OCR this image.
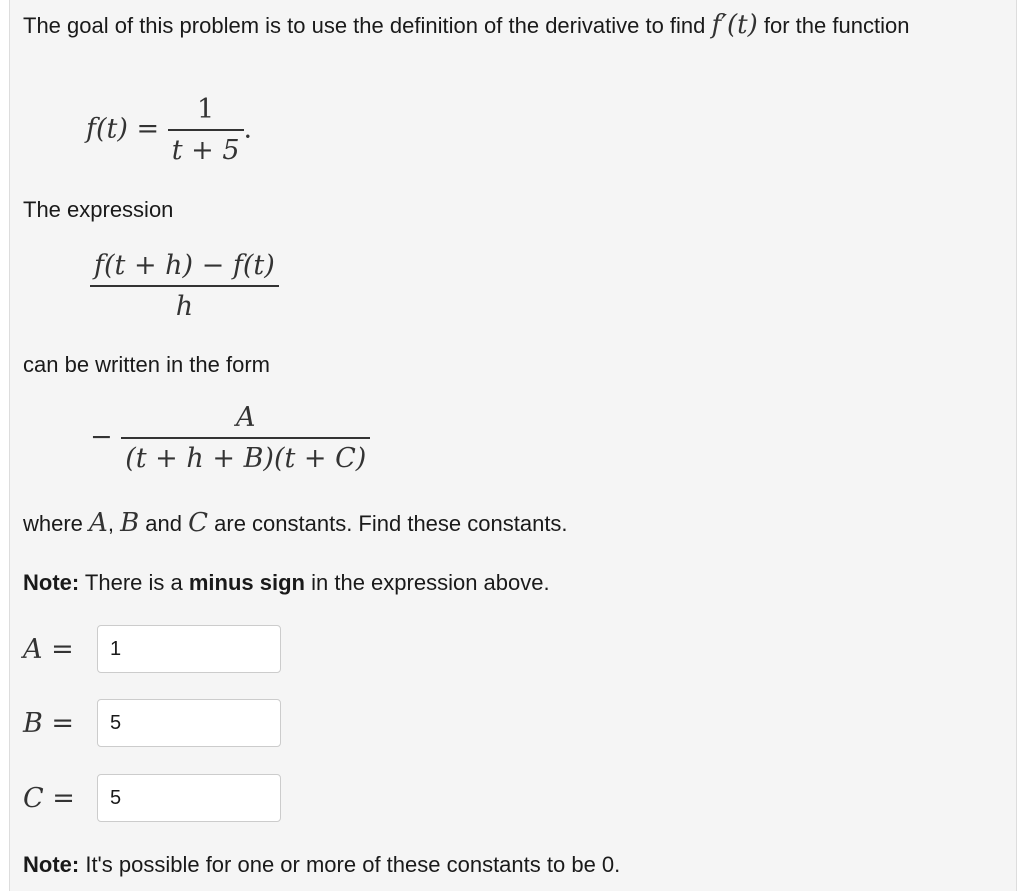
The goal of this problem is to use the definition of the derivative to find f′(t) for the function

$f(t) = \frac{1}{t + 5}$ .

The expression

$\frac{f(t + h) - f(t)}{h}$

can be written in the form

− $\frac{A}{(t + h + B)(t + C)}$

where A, B and C are constants. Find these constants.

Note: There is a minus sign in the expression above.

A =
1
B =
5
C =
5

Note: It's possible for one or more of these constants to be 0.
